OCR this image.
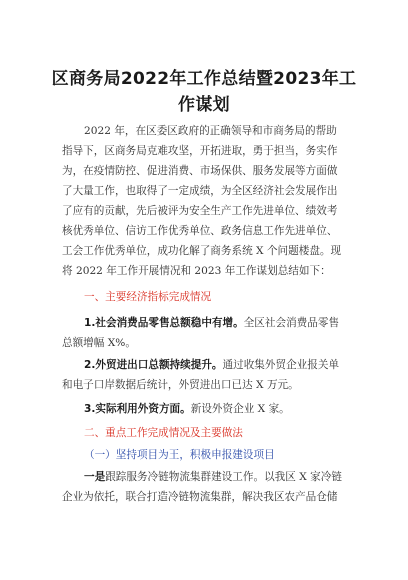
区商务局2022年工作总结暨2023年工
作谋划
2022 年，在区委区政府的正确领导和市商务局的帮助
指导下，区商务局克难攻坚，开拓进取，勇于担当，务实作
为，在疫情防控、促进消费、市场保供、服务发展等方面做
了大量工作，也取得了一定成绩，为全区经济社会发展作出
了应有的贡献，先后被评为安全生产工作先进单位、绩效考
核优秀单位、信访工作优秀单位、政务信息工作先进单位、
工会工作优秀单位，成功化解了商务系统 X 个问题楼盘。现
将 2022 年工作开展情况和 2023 年工作谋划总结如下：
一、主要经济指标完成情况
1.社会消费品零售总额稳中有增。全区社会消费品零售
总额增幅 X%。
2.外贸进出口总额持续提升。通过收集外贸企业报关单
和电子口岸数据后统计，外贸进出口已达 X 万元。
3.实际利用外资方面。新设外资企业 X 家。
二、重点工作完成情况及主要做法
（一）坚持项目为王，积极申报建设项目
一是跟踪服务冷链物流集群建设工作。以我区 X 家冷链
企业为依托，联合打造冷链物流集群，解决我区农产品仓储
